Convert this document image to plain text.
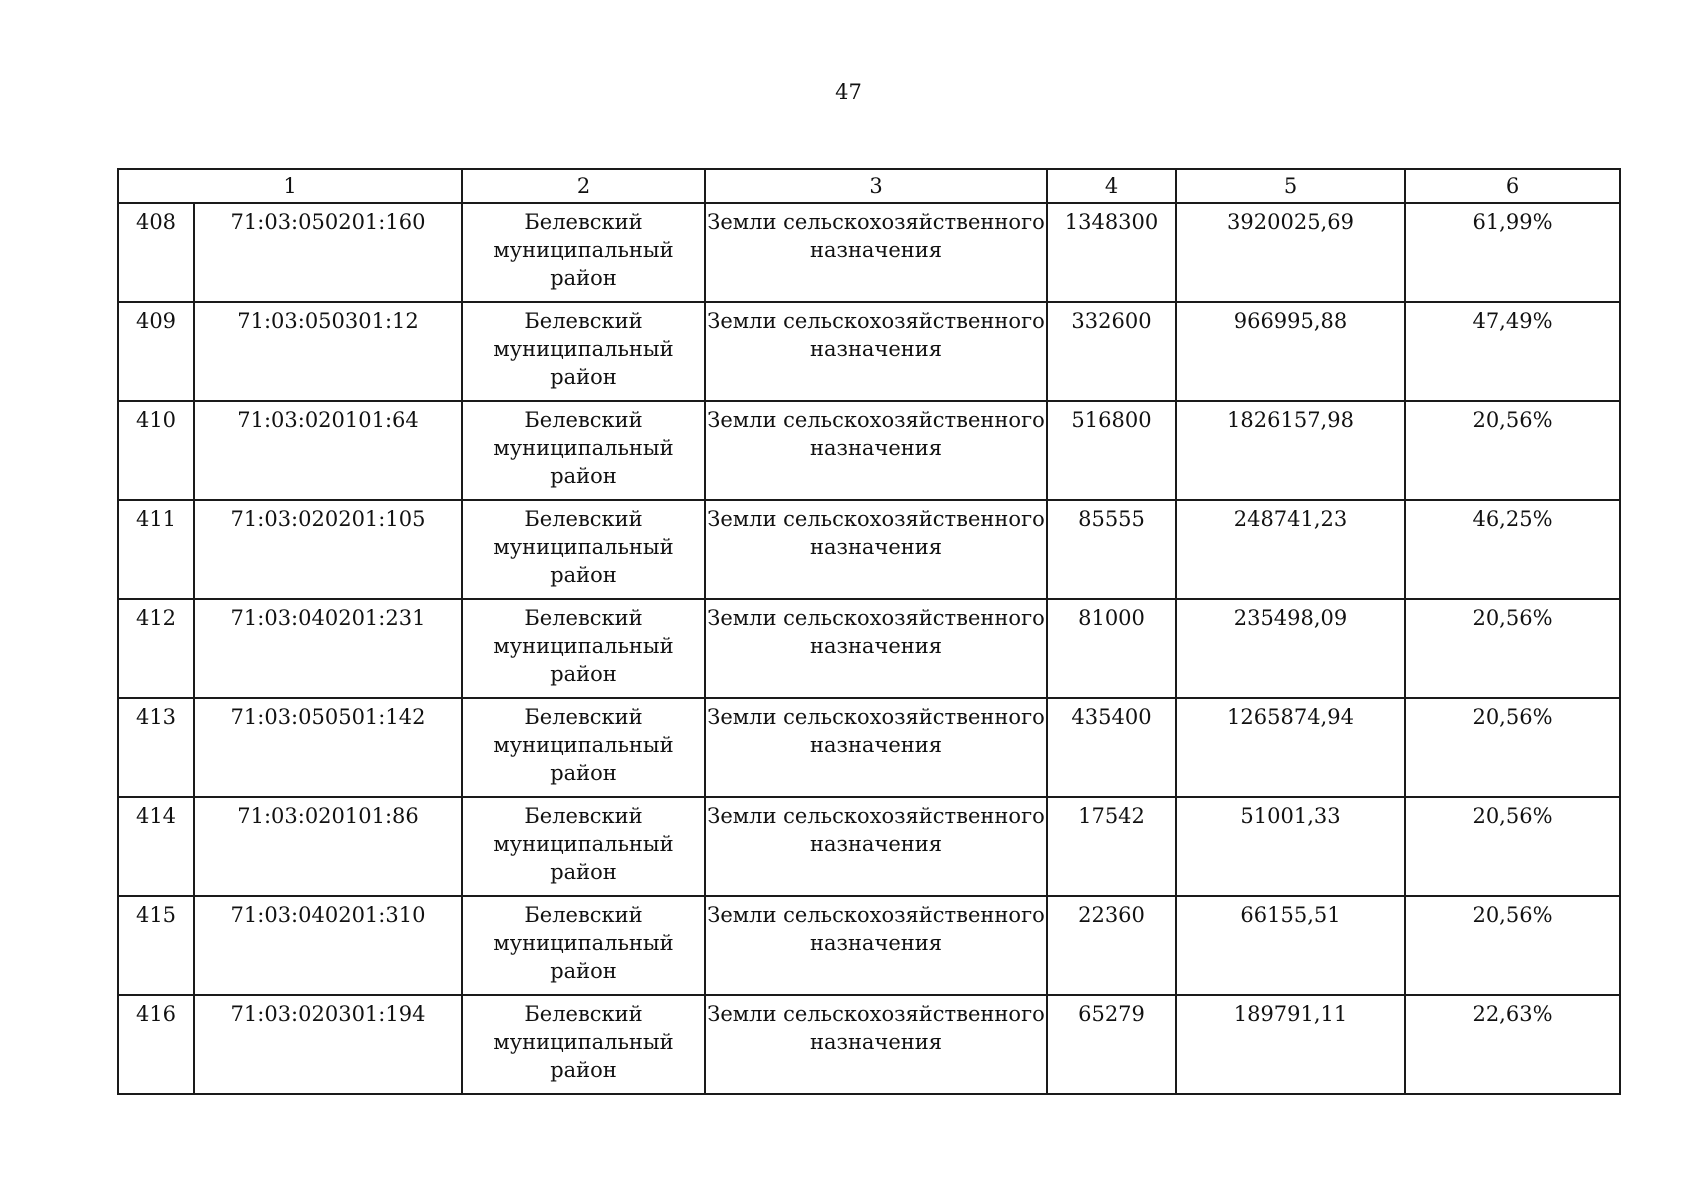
47
1		2	3	4	5	6
408	71:03:050201:160	Белевский муниципальный район	Земли сельскохозяйственного назначения	1348300	3920025,69	61,99%
409	71:03:050301:12	Белевский муниципальный район	Земли сельскохозяйственного назначения	332600	966995,88	47,49%
410	71:03:020101:64	Белевский муниципальный район	Земли сельскохозяйственного назначения	516800	1826157,98	20,56%
411	71:03:020201:105	Белевский муниципальный район	Земли сельскохозяйственного назначения	85555	248741,23	46,25%
412	71:03:040201:231	Белевский муниципальный район	Земли сельскохозяйственного назначения	81000	235498,09	20,56%
413	71:03:050501:142	Белевский муниципальный район	Земли сельскохозяйственного назначения	435400	1265874,94	20,56%
414	71:03:020101:86	Белевский муниципальный район	Земли сельскохозяйственного назначения	17542	51001,33	20,56%
415	71:03:040201:310	Белевский муниципальный район	Земли сельскохозяйственного назначения	22360	66155,51	20,56%
416	71:03:020301:194	Белевский муниципальный район	Земли сельскохозяйственного назначения	65279	189791,11	22,63%
